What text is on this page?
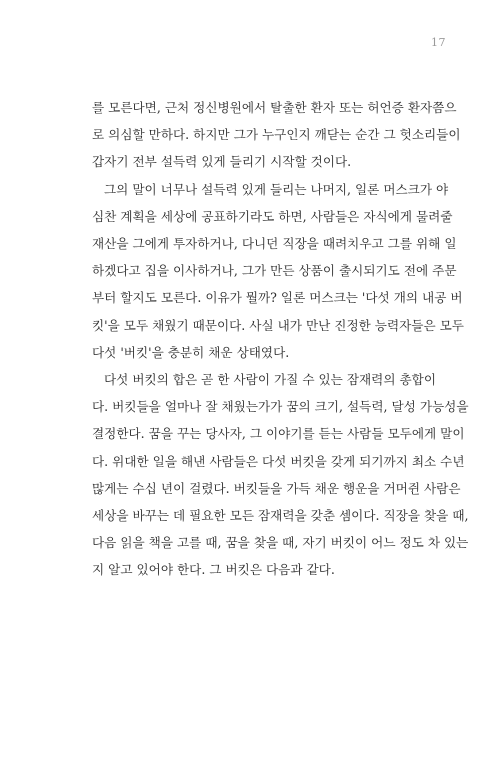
17

를 모른다면, 근처 정신병원에서 탈출한 환자 또는 허언증 환자쯤으
로 의심할 만하다. 하지만 그가 누구인지 깨닫는 순간 그 헛소리들이
갑자기 전부 설득력 있게 들리기 시작할 것이다.

그의 말이 너무나 설득력 있게 들리는 나머지, 일론 머스크가 야
심찬 계획을 세상에 공표하기라도 하면, 사람들은 자식에게 물려줄
재산을 그에게 투자하거나, 다니던 직장을 때려치우고 그를 위해 일
하겠다고 집을 이사하거나, 그가 만든 상품이 출시되기도 전에 주문
부터 할지도 모른다. 이유가 뭘까? 일론 머스크는 '다섯 개의 내공 버
킷'을 모두 채웠기 때문이다. 사실 내가 만난 진정한 능력자들은 모두
다섯 '버킷'을 충분히 채운 상태였다.

다섯 버킷의 합은 곧 한 사람이 가질 수 있는 잠재력의 총합이
다. 버킷들을 얼마나 잘 채웠는가가 꿈의 크기, 설득력, 달성 가능성을
결정한다. 꿈을 꾸는 당사자, 그 이야기를 듣는 사람들 모두에게 말이
다. 위대한 일을 해낸 사람들은 다섯 버킷을 갖게 되기까지 최소 수년
많게는 수십 년이 걸렸다. 버킷들을 가득 채운 행운을 거머쥔 사람은
세상을 바꾸는 데 필요한 모든 잠재력을 갖춘 셈이다. 직장을 찾을 때,
다음 읽을 책을 고를 때, 꿈을 찾을 때, 자기 버킷이 어느 정도 차 있는
지 알고 있어야 한다. 그 버킷은 다음과 같다.
